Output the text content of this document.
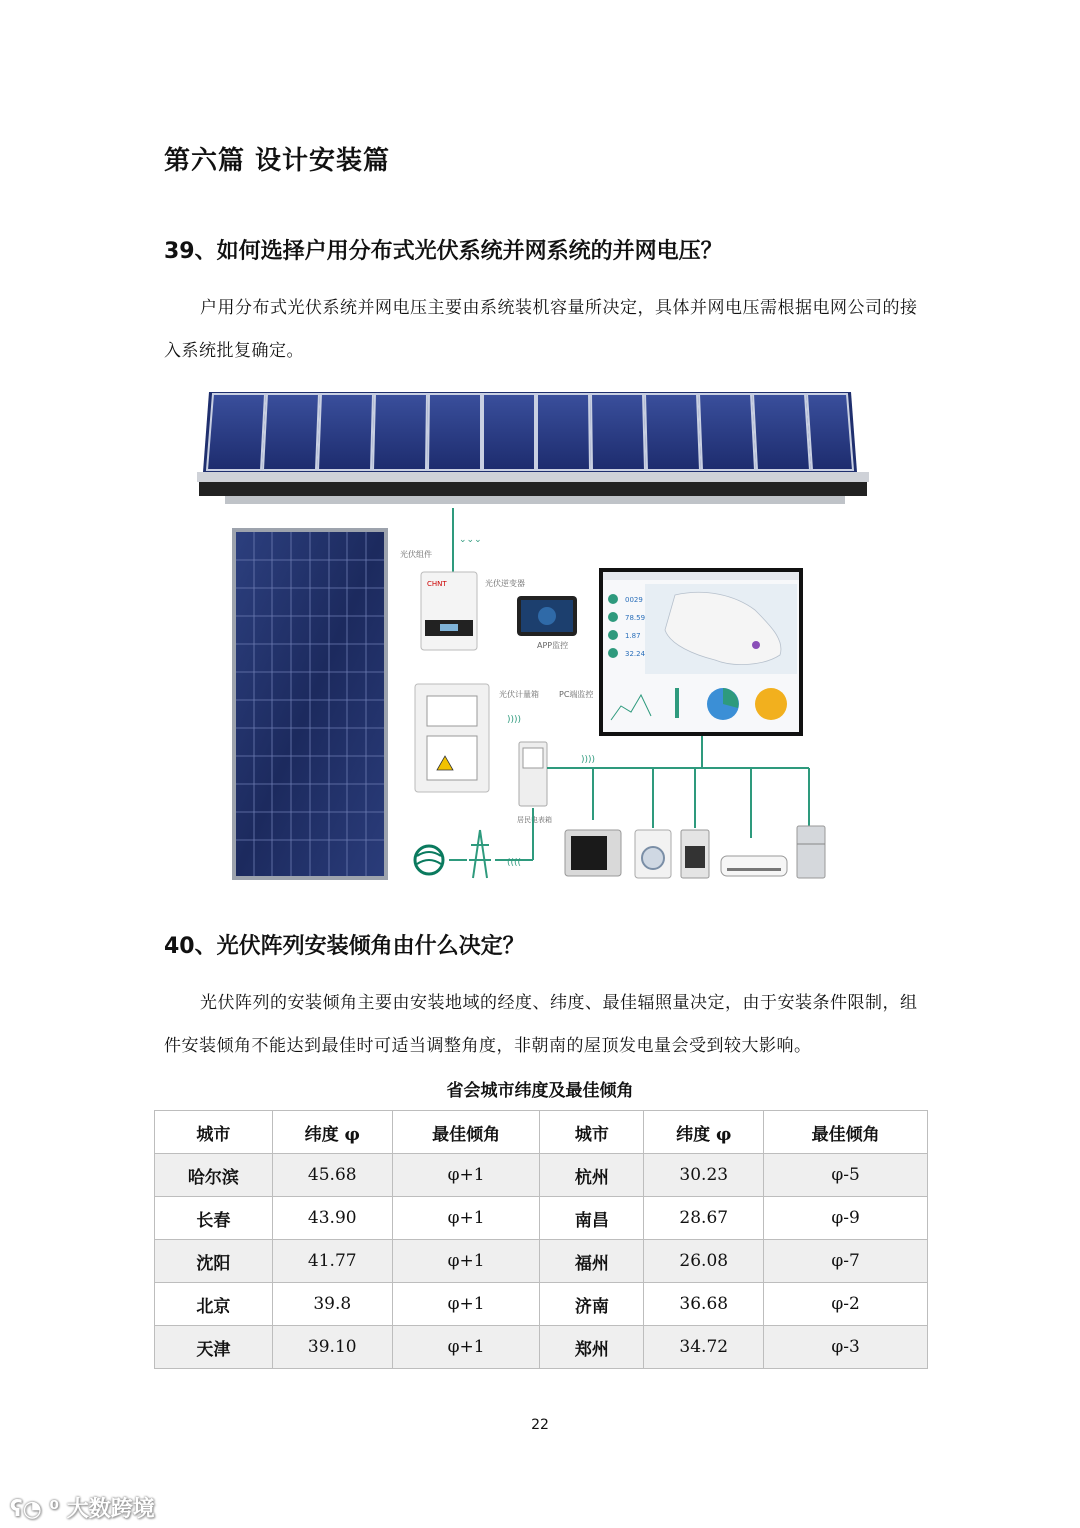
第六篇 设计安装篇
39、如何选择户用分布式光伏系统并网系统的并网电压？
户用分布式光伏系统并网电压主要由系统装机容量所决定，具体并网电压需根据电网公司的接入系统批复确定。
⌄⌄⌄
光伏组件
CHNT	光伏逆变器
APP监控
光伏计量箱	PC端监控
))))
居民电表箱
0029
78.59
1.87
32.24
))))
((((
40、光伏阵列安装倾角由什么决定？
光伏阵列的安装倾角主要由安装地域的经度、纬度、最佳辐照量决定，由于安装条件限制，组件安装倾角不能达到最佳时可适当调整角度，非朝南的屋顶发电量会受到较大影响。
省会城市纬度及最佳倾角
城市	纬度 φ	最佳倾角	城市	纬度 φ	最佳倾角
哈尔滨	45.68	φ+1	杭州	30.23	φ-5
长春	43.90	φ+1	南昌	28.67	φ-9
沈阳	41.77	φ+1	福州	26.08	φ-7
北京	39.8	φ+1	济南	36.68	φ-2
天津	39.10	φ+1	郑州	34.72	φ-3
22
ʕ◔ ⁰ 大数跨境
